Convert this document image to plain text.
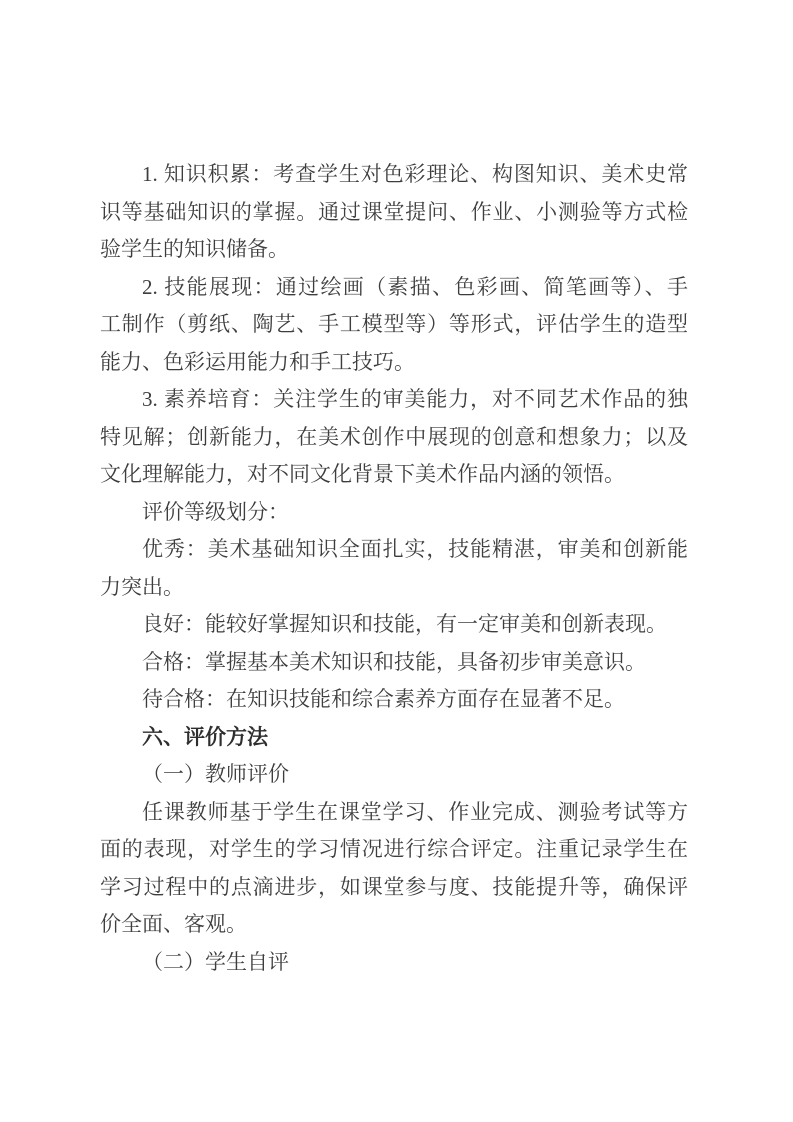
1. 知识积累：考查学生对色彩理论、构图知识、美术史常

识等基础知识的掌握。通过课堂提问、作业、小测验等方式检

验学生的知识储备。

2. 技能展现：通过绘画（素描、色彩画、简笔画等）、手

工制作（剪纸、陶艺、手工模型等）等形式，评估学生的造型

能力、色彩运用能力和手工技巧。

3. 素养培育：关注学生的审美能力，对不同艺术作品的独

特见解；创新能力，在美术创作中展现的创意和想象力；以及

文化理解能力，对不同文化背景下美术作品内涵的领悟。

评价等级划分：

优秀：美术基础知识全面扎实，技能精湛，审美和创新能

力突出。

良好：能较好掌握知识和技能，有一定审美和创新表现。

合格：掌握基本美术知识和技能，具备初步审美意识。

待合格：在知识技能和综合素养方面存在显著不足。

六、评价方法

（一）教师评价

任课教师基于学生在课堂学习、作业完成、测验考试等方

面的表现，对学生的学习情况进行综合评定。注重记录学生在

学习过程中的点滴进步，如课堂参与度、技能提升等，确保评

价全面、客观。

（二）学生自评
